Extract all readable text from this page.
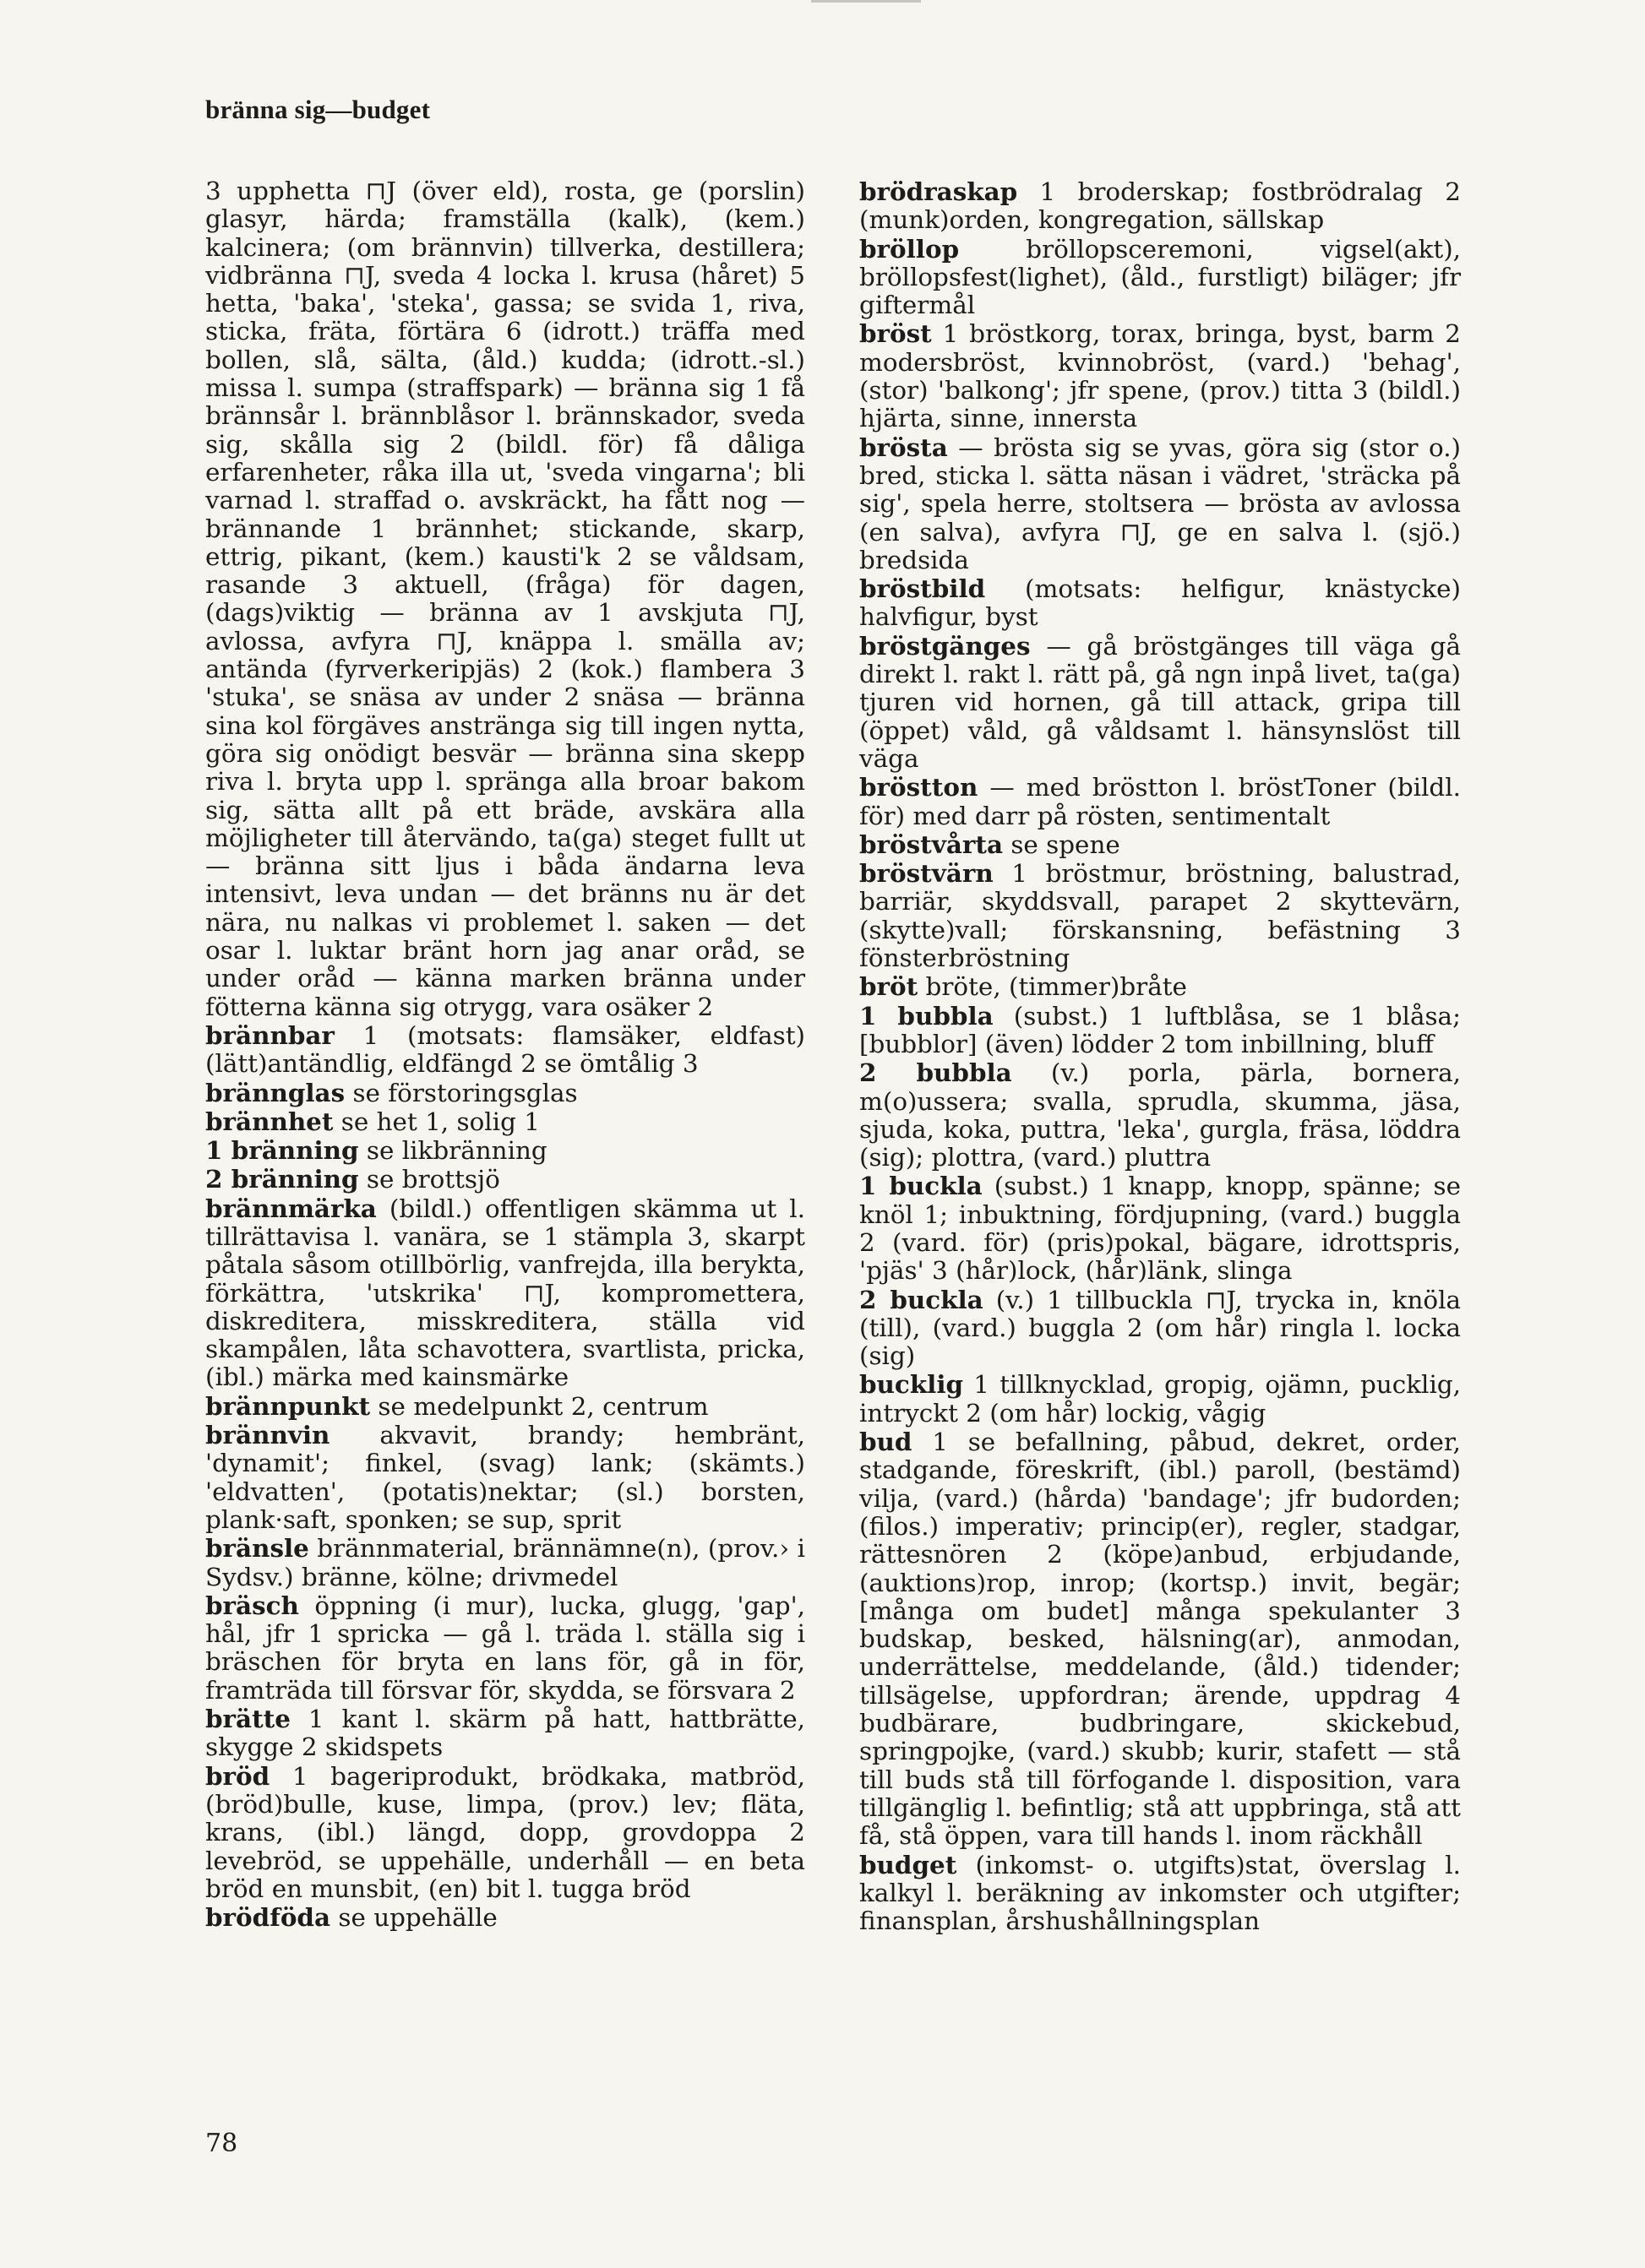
bränna sig—budget

3 upphetta ⊓J (över eld), rosta, ge (porslin) glasyr, härda; framställa (kalk), (kem.) kalcinera; (om brännvin) tillverka, destillera; vidbränna ⊓J, sveda 4 locka l. krusa (håret) 5 hetta, 'baka', 'steka', gassa; se svida 1, riva, sticka, fräta, förtära 6 (idrott.) träffa med bollen, slå, sälta, (åld.) kudda; (idrott.-sl.) missa l. sumpa (straffspark) — bränna sig 1 få brännsår l. brännblåsor l. brännskador, sveda sig, skålla sig 2 (bildl. för) få dåliga erfarenheter, råka illa ut, 'sveda vingarna'; bli varnad l. straffad o. avskräckt, ha fått nog — brännande 1 brännhet; stickande, skarp, ettrig, pikant, (kem.) kausti'k 2 se våldsam, rasande 3 aktuell, (fråga) för dagen, (dags)viktig — bränna av 1 avskjuta ⊓J, avlossa, avfyra ⊓J, knäppa l. smälla av; antända (fyrverkeripjäs) 2 (kok.) flambera 3 'stuka', se snäsa av under 2 snäsa — bränna sina kol förgäves anstränga sig till ingen nytta, göra sig onödigt besvär — bränna sina skepp riva l. bryta upp l. spränga alla broar bakom sig, sätta allt på ett bräde, avskära alla möjligheter till återvändo, ta(ga) steget fullt ut — bränna sitt ljus i båda ändarna leva intensivt, leva undan — det bränns nu är det nära, nu nalkas vi problemet l. saken — det osar l. luktar bränt horn jag anar oråd, se under oråd — känna marken bränna under fötterna känna sig otrygg, vara osäker 2

brännbar 1 (motsats: flamsäker, eldfast) (lätt)antändlig, eldfängd 2 se ömtålig 3

brännglas se förstoringsglas

brännhet se het 1, solig 1

1 bränning se likbränning

2 bränning se brottsjö

brännmärka (bildl.) offentligen skämma ut l. tillrättavisa l. vanära, se 1 stämpla 3, skarpt påtala såsom otillbörlig, vanfrejda, illa berykta, förkättra, 'utskrika' ⊓J, kompromettera, diskreditera, misskreditera, ställa vid skampålen, låta schavottera, svartlista, pricka, (ibl.) märka med kainsmärke

brännpunkt se medelpunkt 2, centrum

brännvin akvavit, brandy; hembränt, 'dynamit'; finkel, (svag) lank; (skämts.) 'eldvatten', (potatis)nektar; (sl.) borsten, plank·saft, sponken; se sup, sprit

bränsle brännmaterial, brännämne(n), (prov.› i Sydsv.) bränne, kölne; drivmedel

bräsch öppning (i mur), lucka, glugg, 'gap', hål, jfr 1 spricka — gå l. träda l. ställa sig i bräschen för bryta en lans för, gå in för, framträda till försvar för, skydda, se försvara 2

brätte 1 kant l. skärm på hatt, hattbrätte, skygge 2 skidspets

bröd 1 bageriprodukt, brödkaka, matbröd, (bröd)bulle, kuse, limpa, (prov.) lev; fläta, krans, (ibl.) längd, dopp, grovdoppa 2 levebröd, se uppehälle, underhåll — en beta bröd en munsbit, (en) bit l. tugga bröd

brödföda se uppehälle

brödraskap 1 broderskap; fostbrödralag 2 (munk)orden, kongregation, sällskap

bröllop bröllopsceremoni, vigsel(akt), bröllopsfest(lighet), (åld., furstligt) biläger; jfr giftermål

bröst 1 bröstkorg, torax, bringa, byst, barm 2 modersbröst, kvinnobröst, (vard.) 'behag', (stor) 'balkong'; jfr spene, (prov.) titta 3 (bildl.) hjärta, sinne, innersta

brösta — brösta sig se yvas, göra sig (stor o.) bred, sticka l. sätta näsan i vädret, 'sträcka på sig', spela herre, stoltsera — brösta av avlossa (en salva), avfyra ⊓J, ge en salva l. (sjö.) bredsida

bröstbild (motsats: helfigur, knästycke) halvfigur, byst

bröstgänges — gå bröstgänges till väga gå direkt l. rakt l. rätt på, gå ngn inpå livet, ta(ga) tjuren vid hornen, gå till attack, gripa till (öppet) våld, gå våldsamt l. hänsynslöst till väga

bröstton — med bröstton l. bröstToner (bildl. för) med darr på rösten, sentimentalt

bröstvårta se spene

bröstvärn 1 bröstmur, bröstning, balustrad, barriär, skyddsvall, parapet 2 skyttevärn, (skytte)vall; förskansning, befästning 3 fönsterbröstning

bröt bröte, (timmer)bråte

1 bubbla (subst.) 1 luftblåsa, se 1 blåsa; [bubblor] (även) lödder 2 tom inbillning, bluff

2 bubbla (v.) porla, pärla, bornera, m(o)ussera; svalla, sprudla, skumma, jäsa, sjuda, koka, puttra, 'leka', gurgla, fräsa, löddra (sig); plottra, (vard.) pluttra

1 buckla (subst.) 1 knapp, knopp, spänne; se knöl 1; inbuktning, fördjupning, (vard.) buggla 2 (vard. för) (pris)pokal, bägare, idrottspris, 'pjäs' 3 (hår)lock, (hår)länk, slinga

2 buckla (v.) 1 tillbuckla ⊓J, trycka in, knöla (till), (vard.) buggla 2 (om hår) ringla l. locka (sig)

bucklig 1 tillknycklad, gropig, ojämn, pucklig, intryckt 2 (om hår) lockig, vågig

bud 1 se befallning, påbud, dekret, order, stadgande, föreskrift, (ibl.) paroll, (bestämd) vilja, (vard.) (hårda) 'bandage'; jfr budorden; (filos.) imperativ; princip(er), regler, stadgar, rättesnören 2 (köpe)anbud, erbjudande, (auktions)rop, inrop; (kortsp.) invit, begär; [många om budet] många spekulanter 3 budskap, besked, hälsning(ar), anmodan, underrättelse, meddelande, (åld.) tidender; tillsägelse, uppfordran; ärende, uppdrag 4 budbärare, budbringare, skickebud, springpojke, (vard.) skubb; kurir, stafett — stå till buds stå till förfogande l. disposition, vara tillgänglig l. befintlig; stå att uppbringa, stå att få, stå öppen, vara till hands l. inom räckhåll

budget (inkomst- o. utgifts)stat, överslag l. kalkyl l. beräkning av inkomster och utgifter; finansplan, årshushållningsplan

78
